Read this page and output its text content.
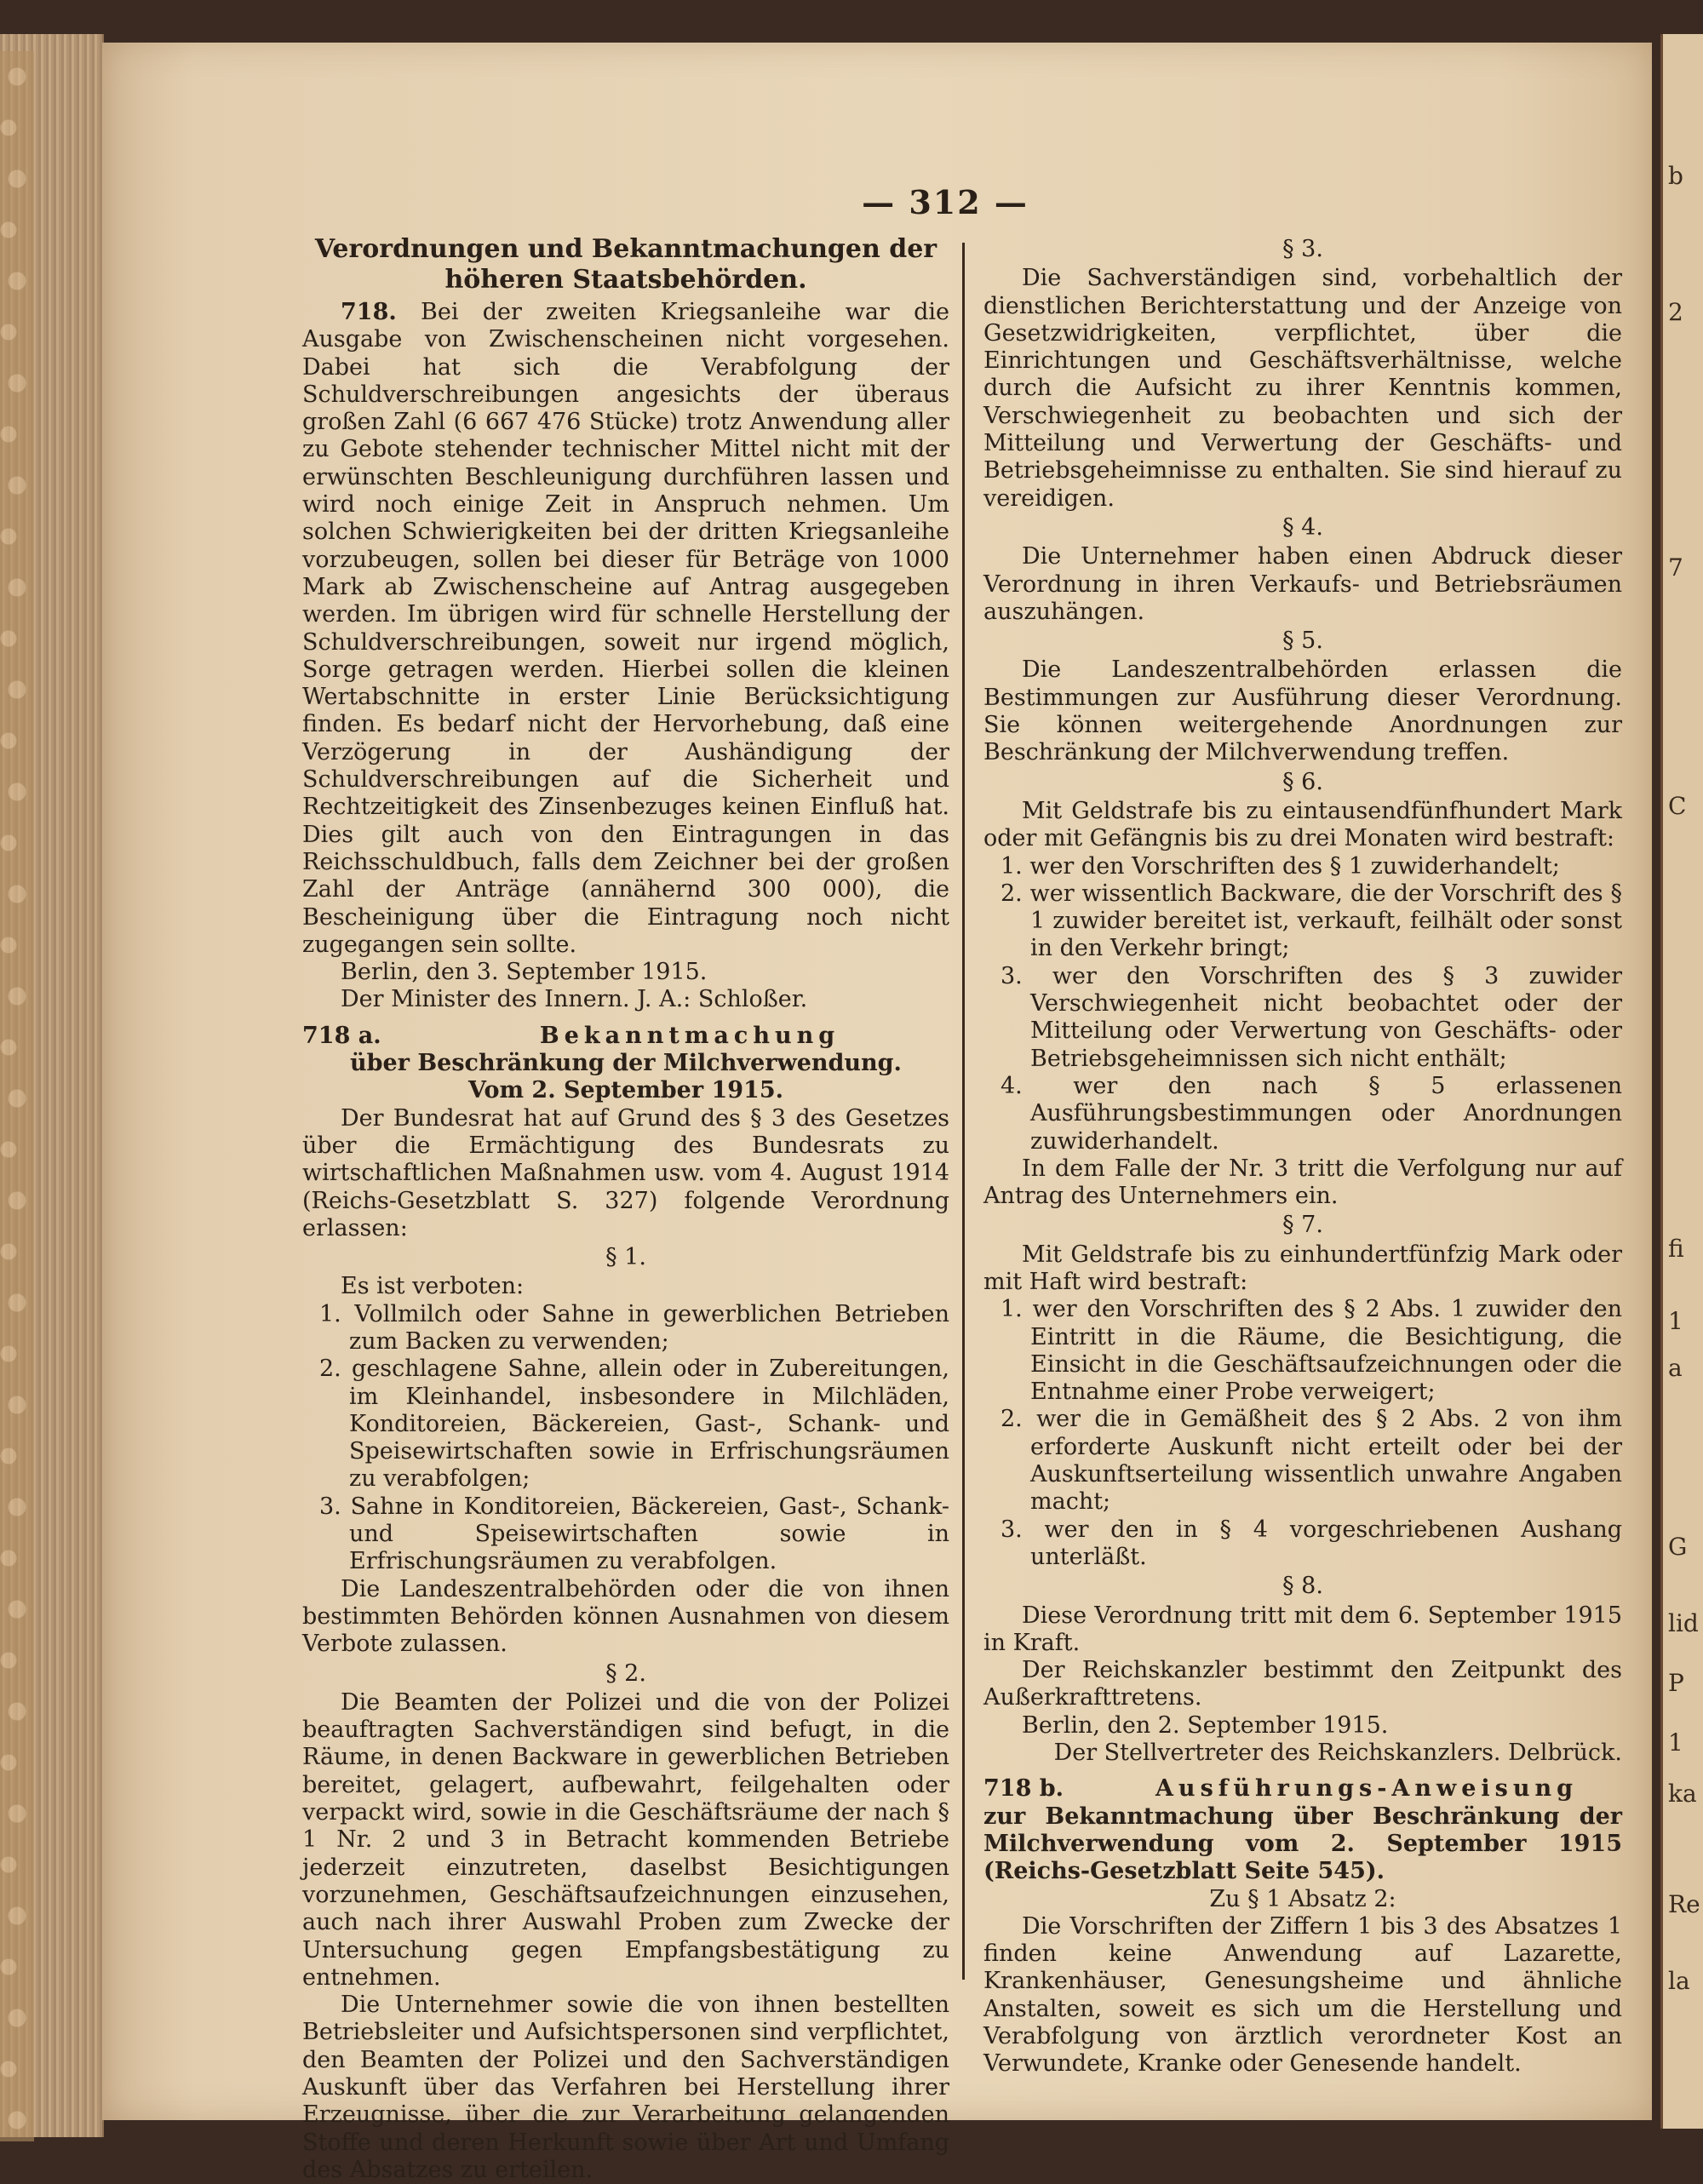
b
2
7
C
fi
1
a
G
P
lid
1
ka
Re
la
— 312 —
Verordnungen und Bekanntmachungen der höheren Staatsbehörden.

718. Bei der zweiten Kriegsanleihe war die Ausgabe von Zwischenscheinen nicht vorgesehen. Dabei hat sich die Verabfolgung der Schuldverschreibungen angesichts der überaus großen Zahl (6 667 476 Stücke) trotz Anwendung aller zu Gebote stehender technischer Mittel nicht mit der erwünschten Beschleunigung durchführen lassen und wird noch einige Zeit in Anspruch nehmen. Um solchen Schwierigkeiten bei der dritten Kriegsanleihe vorzubeugen, sollen bei dieser für Beträge von 1000 Mark ab Zwischenscheine auf Antrag ausgegeben werden. Im übrigen wird für schnelle Herstellung der Schuldverschreibungen, soweit nur irgend möglich, Sorge getragen werden. Hierbei sollen die kleinen Wertabschnitte in erster Linie Berücksichtigung finden. Es bedarf nicht der Hervorhebung, daß eine Verzögerung in der Aushändigung der Schuldverschreibungen auf die Sicherheit und Rechtzeitigkeit des Zinsenbezuges keinen Einfluß hat. Dies gilt auch von den Eintragungen in das Reichsschuldbuch, falls dem Zeichner bei der großen Zahl der Anträge (annähernd 300 000), die Bescheinigung über die Eintragung noch nicht zugegangen sein sollte.

Berlin, den 3. September 1915.

Der Minister des Innern. J. A.: Schloßer.

718 a.	Bekanntmachung

über Beschränkung der Milchverwendung.

Vom 2. September 1915.

Der Bundesrat hat auf Grund des § 3 des Gesetzes über die Ermächtigung des Bundesrats zu wirtschaftlichen Maßnahmen usw. vom 4. August 1914 (Reichs-Gesetzblatt S. 327) folgende Verordnung erlassen:

§ 1.

Es ist verboten:

1. Vollmilch oder Sahne in gewerblichen Betrieben zum Backen zu verwenden;

2. geschlagene Sahne, allein oder in Zubereitungen, im Kleinhandel, insbesondere in Milchläden, Konditoreien, Bäckereien, Gast-, Schank- und Speisewirtschaften sowie in Erfrischungsräumen zu verabfolgen;

3. Sahne in Konditoreien, Bäckereien, Gast-, Schank- und Speisewirtschaften sowie in Erfrischungsräumen zu verabfolgen.

Die Landeszentralbehörden oder die von ihnen bestimmten Behörden können Ausnahmen von diesem Verbote zulassen.

§ 2.

Die Beamten der Polizei und die von der Polizei beauftragten Sachverständigen sind befugt, in die Räume, in denen Backware in gewerblichen Betrieben bereitet, gelagert, aufbewahrt, feilgehalten oder verpackt wird, sowie in die Geschäftsräume der nach § 1 Nr. 2 und 3 in Betracht kommenden Betriebe jederzeit einzutreten, daselbst Besichtigungen vorzunehmen, Geschäftsaufzeichnungen einzusehen, auch nach ihrer Auswahl Proben zum Zwecke der Untersuchung gegen Empfangsbestätigung zu entnehmen.

Die Unternehmer sowie die von ihnen bestellten Betriebsleiter und Aufsichtspersonen sind verpflichtet, den Beamten der Polizei und den Sachverständigen Auskunft über das Verfahren bei Herstellung ihrer Erzeugnisse, über die zur Verarbeitung gelangenden Stoffe und deren Herkunft sowie über Art und Umfang des Absatzes zu erteilen.

§ 3.

Die Sachverständigen sind, vorbehaltlich der dienstlichen Berichterstattung und der Anzeige von Gesetzwidrigkeiten, verpflichtet, über die Einrichtungen und Geschäftsverhältnisse, welche durch die Aufsicht zu ihrer Kenntnis kommen, Verschwiegenheit zu beobachten und sich der Mitteilung und Verwertung der Geschäfts- und Betriebsgeheimnisse zu enthalten. Sie sind hierauf zu vereidigen.

§ 4.

Die Unternehmer haben einen Abdruck dieser Verordnung in ihren Verkaufs- und Betriebsräumen auszuhängen.

§ 5.

Die Landeszentralbehörden erlassen die Bestimmungen zur Ausführung dieser Verordnung. Sie können weitergehende Anordnungen zur Beschränkung der Milchverwendung treffen.

§ 6.

Mit Geldstrafe bis zu eintausendfünfhundert Mark oder mit Gefängnis bis zu drei Monaten wird bestraft:

1. wer den Vorschriften des § 1 zuwiderhandelt;

2. wer wissentlich Backware, die der Vorschrift des § 1 zuwider bereitet ist, verkauft, feilhält oder sonst in den Verkehr bringt;

3. wer den Vorschriften des § 3 zuwider Verschwiegenheit nicht beobachtet oder der Mitteilung oder Verwertung von Geschäfts- oder Betriebsgeheimnissen sich nicht enthält;

4. wer den nach § 5 erlassenen Ausführungsbestimmungen oder Anordnungen zuwiderhandelt.

In dem Falle der Nr. 3 tritt die Verfolgung nur auf Antrag des Unternehmers ein.

§ 7.

Mit Geldstrafe bis zu einhundertfünfzig Mark oder mit Haft wird bestraft:

1. wer den Vorschriften des § 2 Abs. 1 zuwider den Eintritt in die Räume, die Besichtigung, die Einsicht in die Geschäftsaufzeichnungen oder die Entnahme einer Probe verweigert;

2. wer die in Gemäßheit des § 2 Abs. 2 von ihm erforderte Auskunft nicht erteilt oder bei der Auskunftserteilung wissentlich unwahre Angaben macht;

3. wer den in § 4 vorgeschriebenen Aushang unterläßt.

§ 8.

Diese Verordnung tritt mit dem 6. September 1915 in Kraft.

Der Reichskanzler bestimmt den Zeitpunkt des Außerkrafttretens.

Berlin, den 2. September 1915.

Der Stellvertreter des Reichskanzlers. Delbrück.

718 b.	Ausführungs-Anweisung

zur Bekanntmachung über Beschränkung der Milchverwendung vom 2. September 1915 (Reichs-Gesetzblatt Seite 545).

Zu § 1 Absatz 2:

Die Vorschriften der Ziffern 1 bis 3 des Absatzes 1 finden keine Anwendung auf Lazarette, Krankenhäuser, Genesungsheime und ähnliche Anstalten, soweit es sich um die Herstellung und Verabfolgung von ärztlich verordneter Kost an Verwundete, Kranke oder Genesende handelt.
